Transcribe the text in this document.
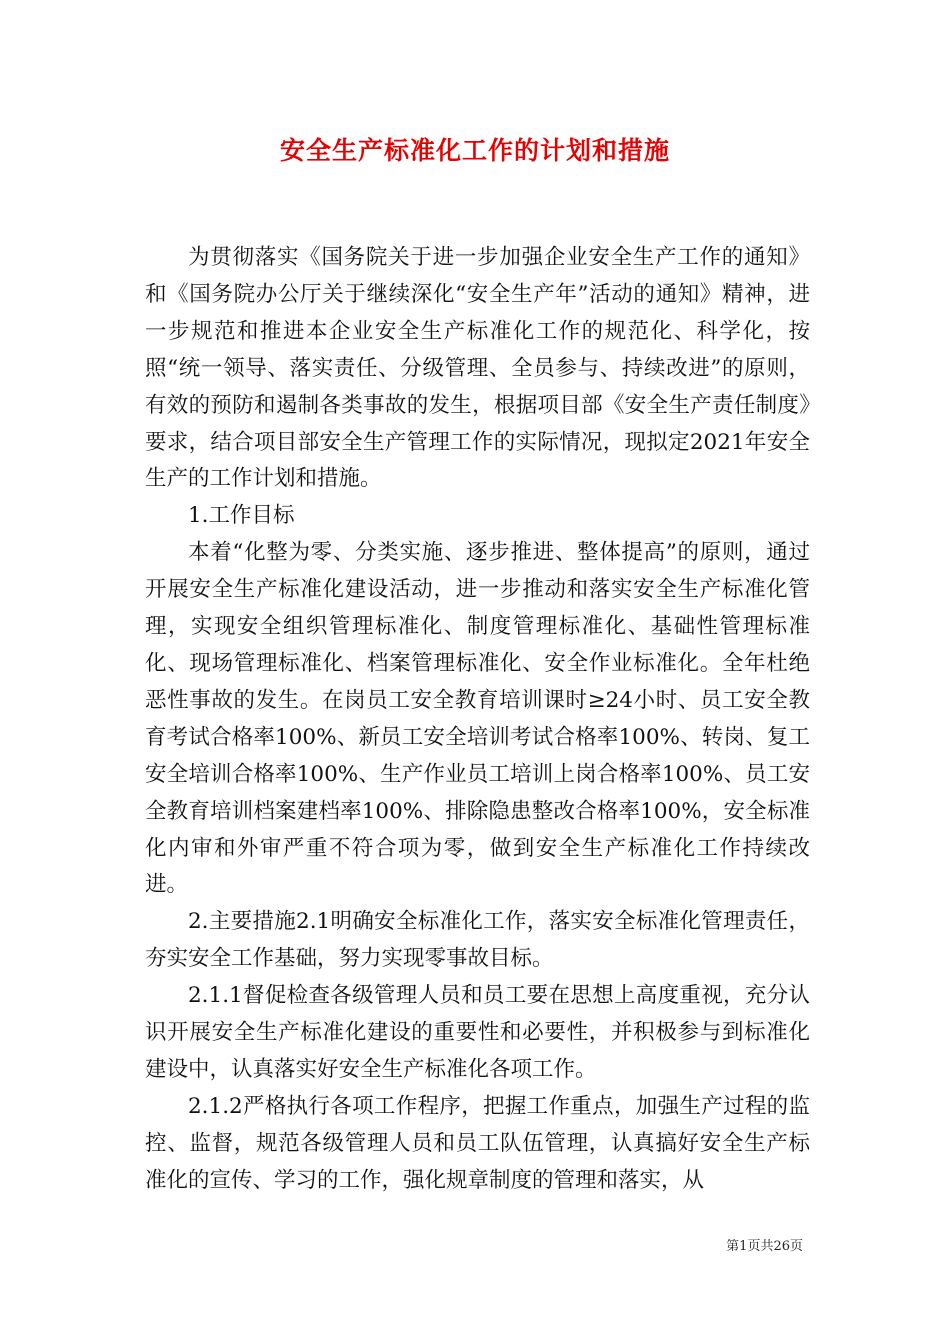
安全生产标准化工作的计划和措施

为贯彻落实《国务院关于进一步加强企业安全生产工作的通知》和《国务院办公厅关于继续深化“安全生产年”活动的通知》精神，进一步规范和推进本企业安全生产标准化工作的规范化、科学化，按照“统一领导、落实责任、分级管理、全员参与、持续改进”的原则，有效的预防和遏制各类事故的发生，根据项目部《安全生产责任制度》要求，结合项目部安全生产管理工作的实际情况，现拟定2021年安全生产的工作计划和措施。

1.工作目标

本着“化整为零、分类实施、逐步推进、整体提高”的原则，通过开展安全生产标准化建设活动，进一步推动和落实安全生产标准化管理，实现安全组织管理标准化、制度管理标准化、基础性管理标准化、现场管理标准化、档案管理标准化、安全作业标准化。全年杜绝恶性事故的发生。在岗员工安全教育培训课时≥24小时、员工安全教育考试合格率100%、新员工安全培训考试合格率100%、转岗、复工安全培训合格率100%、生产作业员工培训上岗合格率100%、员工安全教育培训档案建档率100%、排除隐患整改合格率100%，安全标准化内审和外审严重不符合项为零，做到安全生产标准化工作持续改进。

2.主要措施2.1明确安全标准化工作，落实安全标准化管理责任，夯实安全工作基础，努力实现零事故目标。

2.1.1督促检查各级管理人员和员工要在思想上高度重视，充分认识开展安全生产标准化建设的重要性和必要性，并积极参与到标准化建设中，认真落实好安全生产标准化各项工作。

2.1.2严格执行各项工作程序，把握工作重点，加强生产过程的监控、监督，规范各级管理人员和员工队伍管理，认真搞好安全生产标准化的宣传、学习的工作，强化规章制度的管理和落实，从

第1页共26页
